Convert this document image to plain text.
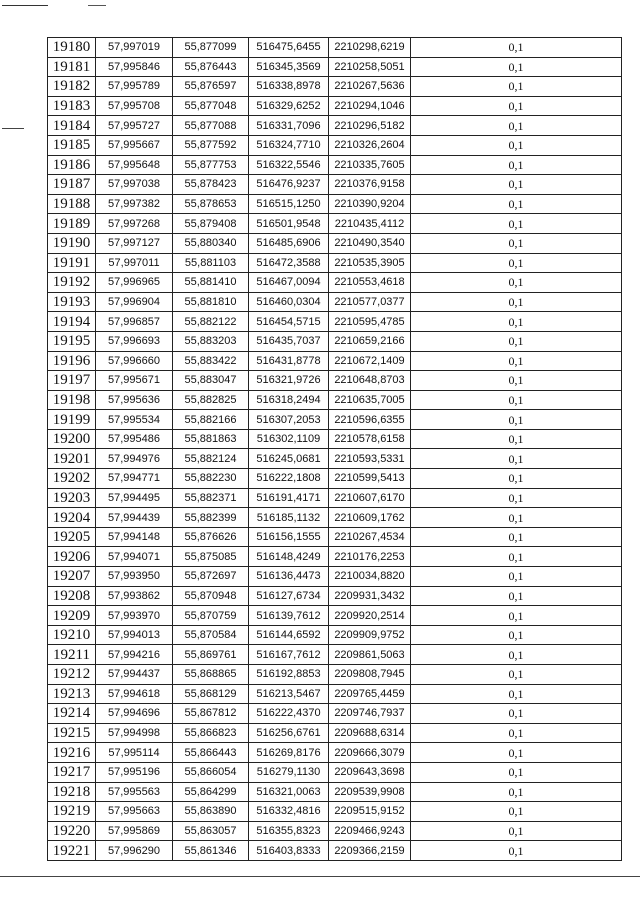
19180	57,997019	55,877099	516475,6455	2210298,6219	0,1
19181	57,995846	55,876443	516345,3569	2210258,5051	0,1
19182	57,995789	55,876597	516338,8978	2210267,5636	0,1
19183	57,995708	55,877048	516329,6252	2210294,1046	0,1
19184	57,995727	55,877088	516331,7096	2210296,5182	0,1
19185	57,995667	55,877592	516324,7710	2210326,2604	0,1
19186	57,995648	55,877753	516322,5546	2210335,7605	0,1
19187	57,997038	55,878423	516476,9237	2210376,9158	0,1
19188	57,997382	55,878653	516515,1250	2210390,9204	0,1
19189	57,997268	55,879408	516501,9548	2210435,4112	0,1
19190	57,997127	55,880340	516485,6906	2210490,3540	0,1
19191	57,997011	55,881103	516472,3588	2210535,3905	0,1
19192	57,996965	55,881410	516467,0094	2210553,4618	0,1
19193	57,996904	55,881810	516460,0304	2210577,0377	0,1
19194	57,996857	55,882122	516454,5715	2210595,4785	0,1
19195	57,996693	55,883203	516435,7037	2210659,2166	0,1
19196	57,996660	55,883422	516431,8778	2210672,1409	0,1
19197	57,995671	55,883047	516321,9726	2210648,8703	0,1
19198	57,995636	55,882825	516318,2494	2210635,7005	0,1
19199	57,995534	55,882166	516307,2053	2210596,6355	0,1
19200	57,995486	55,881863	516302,1109	2210578,6158	0,1
19201	57,994976	55,882124	516245,0681	2210593,5331	0,1
19202	57,994771	55,882230	516222,1808	2210599,5413	0,1
19203	57,994495	55,882371	516191,4171	2210607,6170	0,1
19204	57,994439	55,882399	516185,1132	2210609,1762	0,1
19205	57,994148	55,876626	516156,1555	2210267,4534	0,1
19206	57,994071	55,875085	516148,4249	2210176,2253	0,1
19207	57,993950	55,872697	516136,4473	2210034,8820	0,1
19208	57,993862	55,870948	516127,6734	2209931,3432	0,1
19209	57,993970	55,870759	516139,7612	2209920,2514	0,1
19210	57,994013	55,870584	516144,6592	2209909,9752	0,1
19211	57,994216	55,869761	516167,7612	2209861,5063	0,1
19212	57,994437	55,868865	516192,8853	2209808,7945	0,1
19213	57,994618	55,868129	516213,5467	2209765,4459	0,1
19214	57,994696	55,867812	516222,4370	2209746,7937	0,1
19215	57,994998	55,866823	516256,6761	2209688,6314	0,1
19216	57,995114	55,866443	516269,8176	2209666,3079	0,1
19217	57,995196	55,866054	516279,1130	2209643,3698	0,1
19218	57,995563	55,864299	516321,0063	2209539,9908	0,1
19219	57,995663	55,863890	516332,4816	2209515,9152	0,1
19220	57,995869	55,863057	516355,8323	2209466,9243	0,1
19221	57,996290	55,861346	516403,8333	2209366,2159	0,1
